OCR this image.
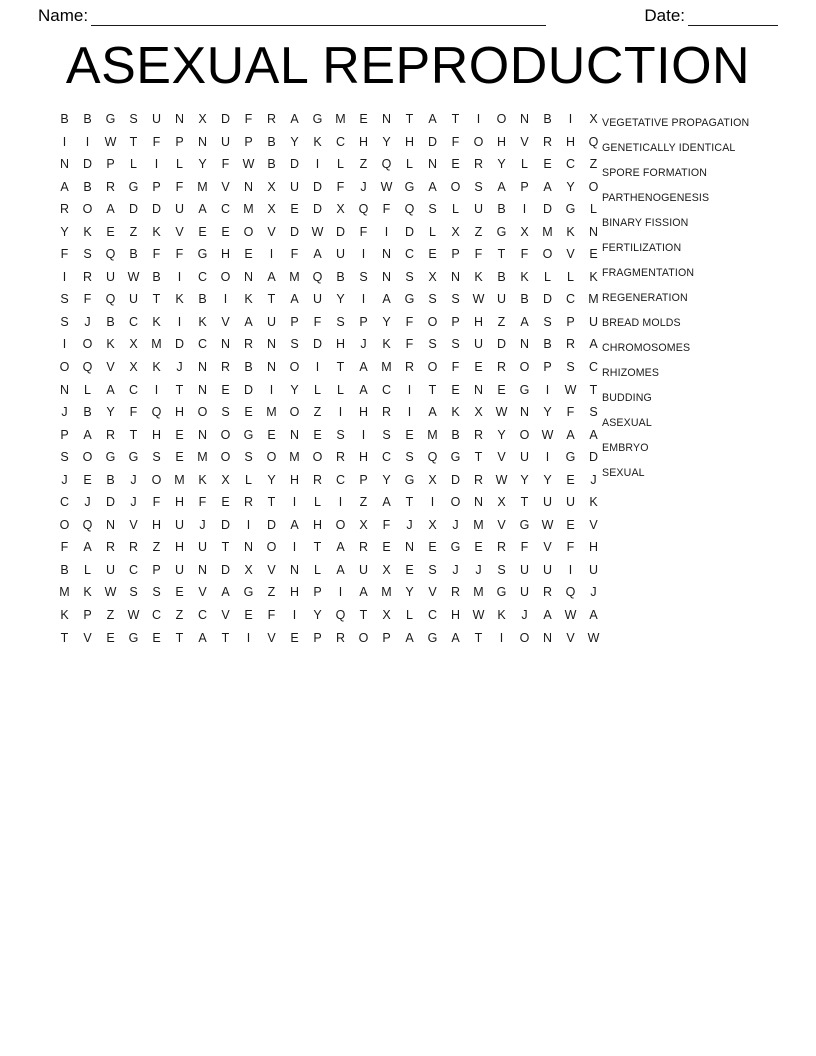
Name:	Date:
ASEXUAL REPRODUCTION
B B G S U N X D F R A G M E N T A T I O N B I X
I I W T F P N U P B Y K C H Y H D F O H V R H Q
N D P L I L Y F W B D I L Z Q L N E R Y L E C Z
A B R G P F M V N X U D F J W G A O S A P A Y O
R O A D D U A C M X E D X Q F Q S L U B I D G L
Y K E Z K V E E O V D W D F I D L X Z G X M K N
F S Q B F F G H E I F A U I N C E P F T F O V E
I R U W B I C O N A M Q B S N S X N K B K L L K
S F Q U T K B I K T A U Y I A G S S W U B D C M
S J B C K I K V A U P F S P Y F O P H Z A S P U
I O K X M D C N R N S D H J K F S S U D N B R A
O Q V X K J N R B N O I T A M R O F E R O P S C
N L A C I T N E D I Y L L A C I T E N E G I W T
J B Y F Q H O S E M O Z I H R I A K X W N Y F S
P A R T H E N O G E N E S I S E M B R Y O W A A
S O G G S E M O S O M O R H C S Q G T V U I G D
J E B J O M K X L Y H R C P Y G X D R W Y Y E J
C J D J F H F E R T I L I Z A T I O N X T U U K
O Q N V H U J D I D A H O X F J X J M V G W E V
F A R R Z H U T N O I T A R E N E G E R F V F H
B L U C P U N D X V N L A U X E S J J S U U I U
M K W S S E V A G Z H P I A M Y V R M G U R Q J
K P Z W C Z C V E F I Y Q T X L C H W K J A W A
T V E G E T A T I V E P R O P A G A T I O N V W
VEGETATIVE PROPAGATION
GENETICALLY IDENTICAL
SPORE FORMATION
PARTHENOGENESIS
BINARY FISSION
FERTILIZATION
FRAGMENTATION
REGENERATION
BREAD MOLDS
CHROMOSOMES
RHIZOMES
BUDDING
ASEXUAL
EMBRYO
SEXUAL
